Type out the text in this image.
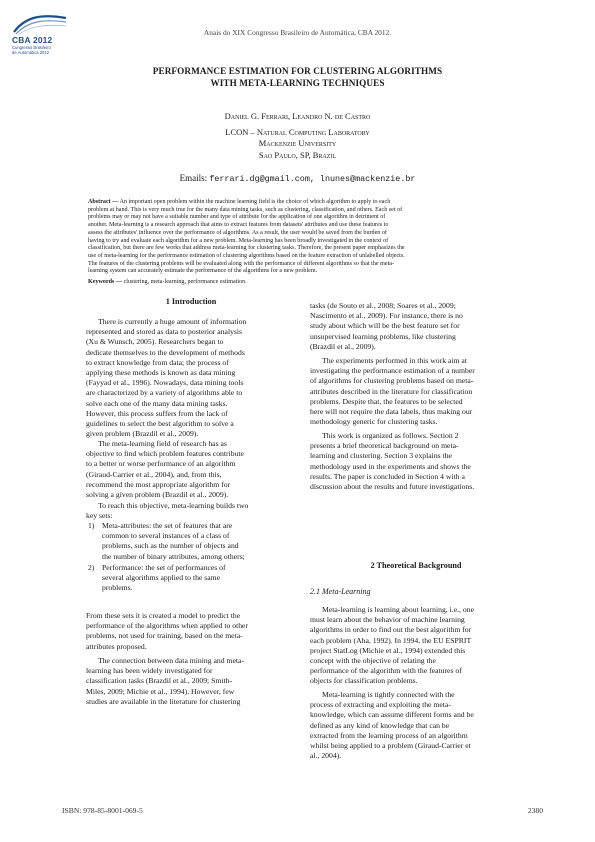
CBA 2012
Congresso Brasileiro
de Automática 2012
Anais do XIX Congresso Brasileiro de Automática, CBA 2012.
PERFORMANCE ESTIMATION FOR CLUSTERING ALGORITHMS
WITH META-LEARNING TECHNIQUES
Daniel G. Ferrari, Leandro N. de Castro
LCON – Natural Computing Laboratory
Mackenzie University
Sao Paulo, SP, Brazil
Emails: ferrari.dg@gmail.com, lnunes@mackenzie.br
Abstract — An important open problem within the machine learning field is the choice of which algorithm to apply to each
problem at hand. This is very much true for the many data mining tasks, such as clustering, classification, and others. Each set of
problems may or may not have a suitable number and type of attribute for the application of one algorithm in detriment of
another. Meta-learning is a research approach that aims to extract features from datasets' attributes and use these features to
assess the attributes' influence over the performance of algorithms. As a result, the user would be saved from the burden of
having to try and evaluate each algorithm for a new problem. Meta-learning has been broadly investigated in the context of
classification, but there are few works that address meta-learning for clustering tasks. Therefore, the present paper emphasizes the
use of meta-learning for the performance estimation of clustering algorithms based on the feature extraction of unlabelled objects.
The features of the clustering problems will be evaluated along with the performance of different algorithms so that the meta-
learning system can accurately estimate the performance of the algorithms for a new problem.
Keywords — clustering, meta-learning, performance estimation.
1 Introduction
There is currently a huge amount of information
represented and stored as data to posterior analysis
(Xu & Wunsch, 2005). Researchers began to
dedicate themselves to the development of methods
to extract knowledge from data; the process of
applying these methods is known as data mining
(Fayyad et al., 1996). Nowadays, data mining tools
are characterized by a variety of algorithms able to
solve each one of the many data mining tasks.
However, this process suffers from the lack of
guidelines to select the best algorithm to solve a
given problem (Brazdil et al., 2009).
The meta-learning field of research has as
objective to find which problem features contribute
to a better or worse performance of an algorithm
(Giraud-Carrier et al., 2004), and, from this,
recommend the most appropriate algorithm for
solving a given problem (Brazdil et al., 2009).
To reach this objective, meta-learning builds two
key sets:
1) Meta-attributes: the set of features that are
common to several instances of a class of
problems, such as the number of objects and
the number of binary attributes, among others;
2) Performance: the set of performances of
several algorithms applied to the same
problems.
From these sets it is created a model to predict the
performance of the algorithms when applied to other
problems, not used for training, based on the meta-
attributes proposed.
The connection between data mining and meta-
learning has been widely investigated for
classification tasks (Brazdil et al., 2009; Smith-
Miles, 2009; Michie et al., 1994). However, few
studies are available in the literature for clustering
tasks (de Souto et al., 2008; Soares et al., 2009;
Nascimento et al., 2009). For instance, there is no
study about which will be the best feature set for
unsupervised learning problems, like clustering
(Brazdil et al., 2009).
The experiments performed in this work aim at
investigating the performance estimation of a number
of algorithms for clustering problems based on meta-
attributes described in the literature for classification
problems. Despite that, the features to be selected
here will not require the data labels, thus making our
methodology generic for clustering tasks.
This work is organized as follows. Section 2
presents a brief theoretical background on meta-
learning and clustering. Section 3 explains the
methodology used in the experiments and shows the
results. The paper is concluded in Section 4 with a
discussion about the results and future investigations.
2 Theoretical Background
2.1 Meta-Learning
Meta-learning is learning about learning, i.e., one
must learn about the behavior of machine learning
algorithms in order to find out the best algorithm for
each problem (Aha, 1992). In 1994, the EU ESPRIT
project StatLog (Michie et al., 1994) extended this
concept with the objective of relating the
performance of the algorithm with the features of
objects for classification problems.
Meta-learning is tightly connected with the
process of extracting and exploiting the meta-
knowledge, which can assume different forms and be
defined as any kind of knowledge that can be
extracted from the learning process of an algorithm
whilst being applied to a problem (Giraud-Carrier et
al., 2004).
ISBN: 978-85-8001-069-5	2380
